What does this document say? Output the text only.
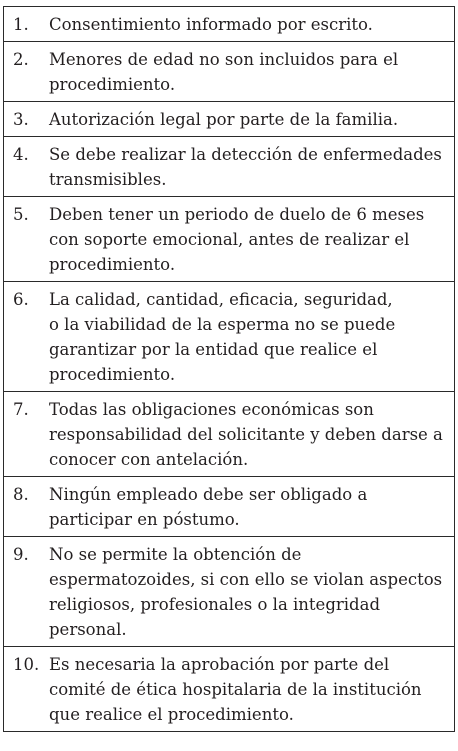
1.	Consentimiento informado por escrito.

2.	Menores de edad no son incluidos para el
procedimiento.

3.	Autorización legal por parte de la familia.

4.	Se debe realizar la detección de enfermedades
transmisibles.

5.	Deben tener un periodo de duelo de 6 meses
con soporte emocional, antes de realizar el
procedimiento.

6.	La calidad, cantidad, eficacia, seguridad,
o la viabilidad de la esperma no se puede
garantizar por la entidad que realice el
procedimiento.

7.	Todas las obligaciones económicas son
responsabilidad del solicitante y deben darse a
conocer con antelación.

8.	Ningún empleado debe ser obligado a
participar en póstumo.

9.	No se permite la obtención de
espermatozoides, si con ello se violan aspectos
religiosos, profesionales o la integridad
personal.

10. Es necesaria la aprobación por parte del
comité de ética hospitalaria de la institución
que realice el procedimiento.
